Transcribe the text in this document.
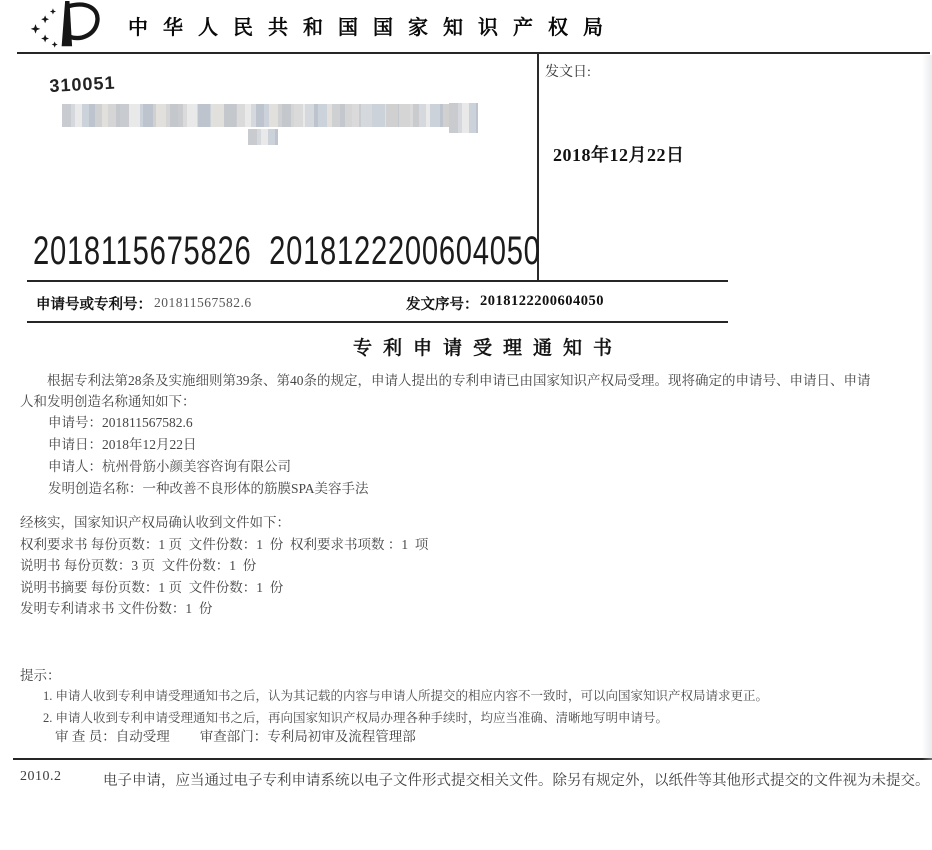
中华人民共和国国家知识产权局
310051
发文日:
2018年12月22日
2018115675826  2018122200604050
申请号或专利号： 201811567582.6	发文序号： 2018122200604050
专利申请受理通知书
根据专利法第28条及实施细则第39条、第40条的规定，申请人提出的专利申请已由国家知识产权局受理。现将确定的申请号、申请日、申请人和发明创造名称通知如下：
申请号：201811567582.6
申请日：2018年12月22日
申请人：杭州骨筋小颜美容咨询有限公司
发明创造名称：一种改善不良形体的筋膜SPA美容手法
经核实，国家知识产权局确认收到文件如下：
权利要求书 每份页数：1 页  文件份数：1  份  权利要求书项数 ：1  项
说明书 每份页数：3 页  文件份数：1  份
说明书摘要 每份页数：1 页  文件份数：1  份
发明专利请求书 文件份数：1  份
提示：
1. 申请人收到专利申请受理通知书之后，认为其记载的内容与申请人所提交的相应内容不一致时，可以向国家知识产权局请求更正。
2. 申请人收到专利申请受理通知书之后，再向国家知识产权局办理各种手续时，均应当准确、清晰地写明申请号。
审 查 员：自动受理 审查部门：专利局初审及流程管理部
2010.2	电子申请，应当通过电子专利申请系统以电子文件形式提交相关文件。除另有规定外，以纸件等其他形式提交的文件视为未提交。
